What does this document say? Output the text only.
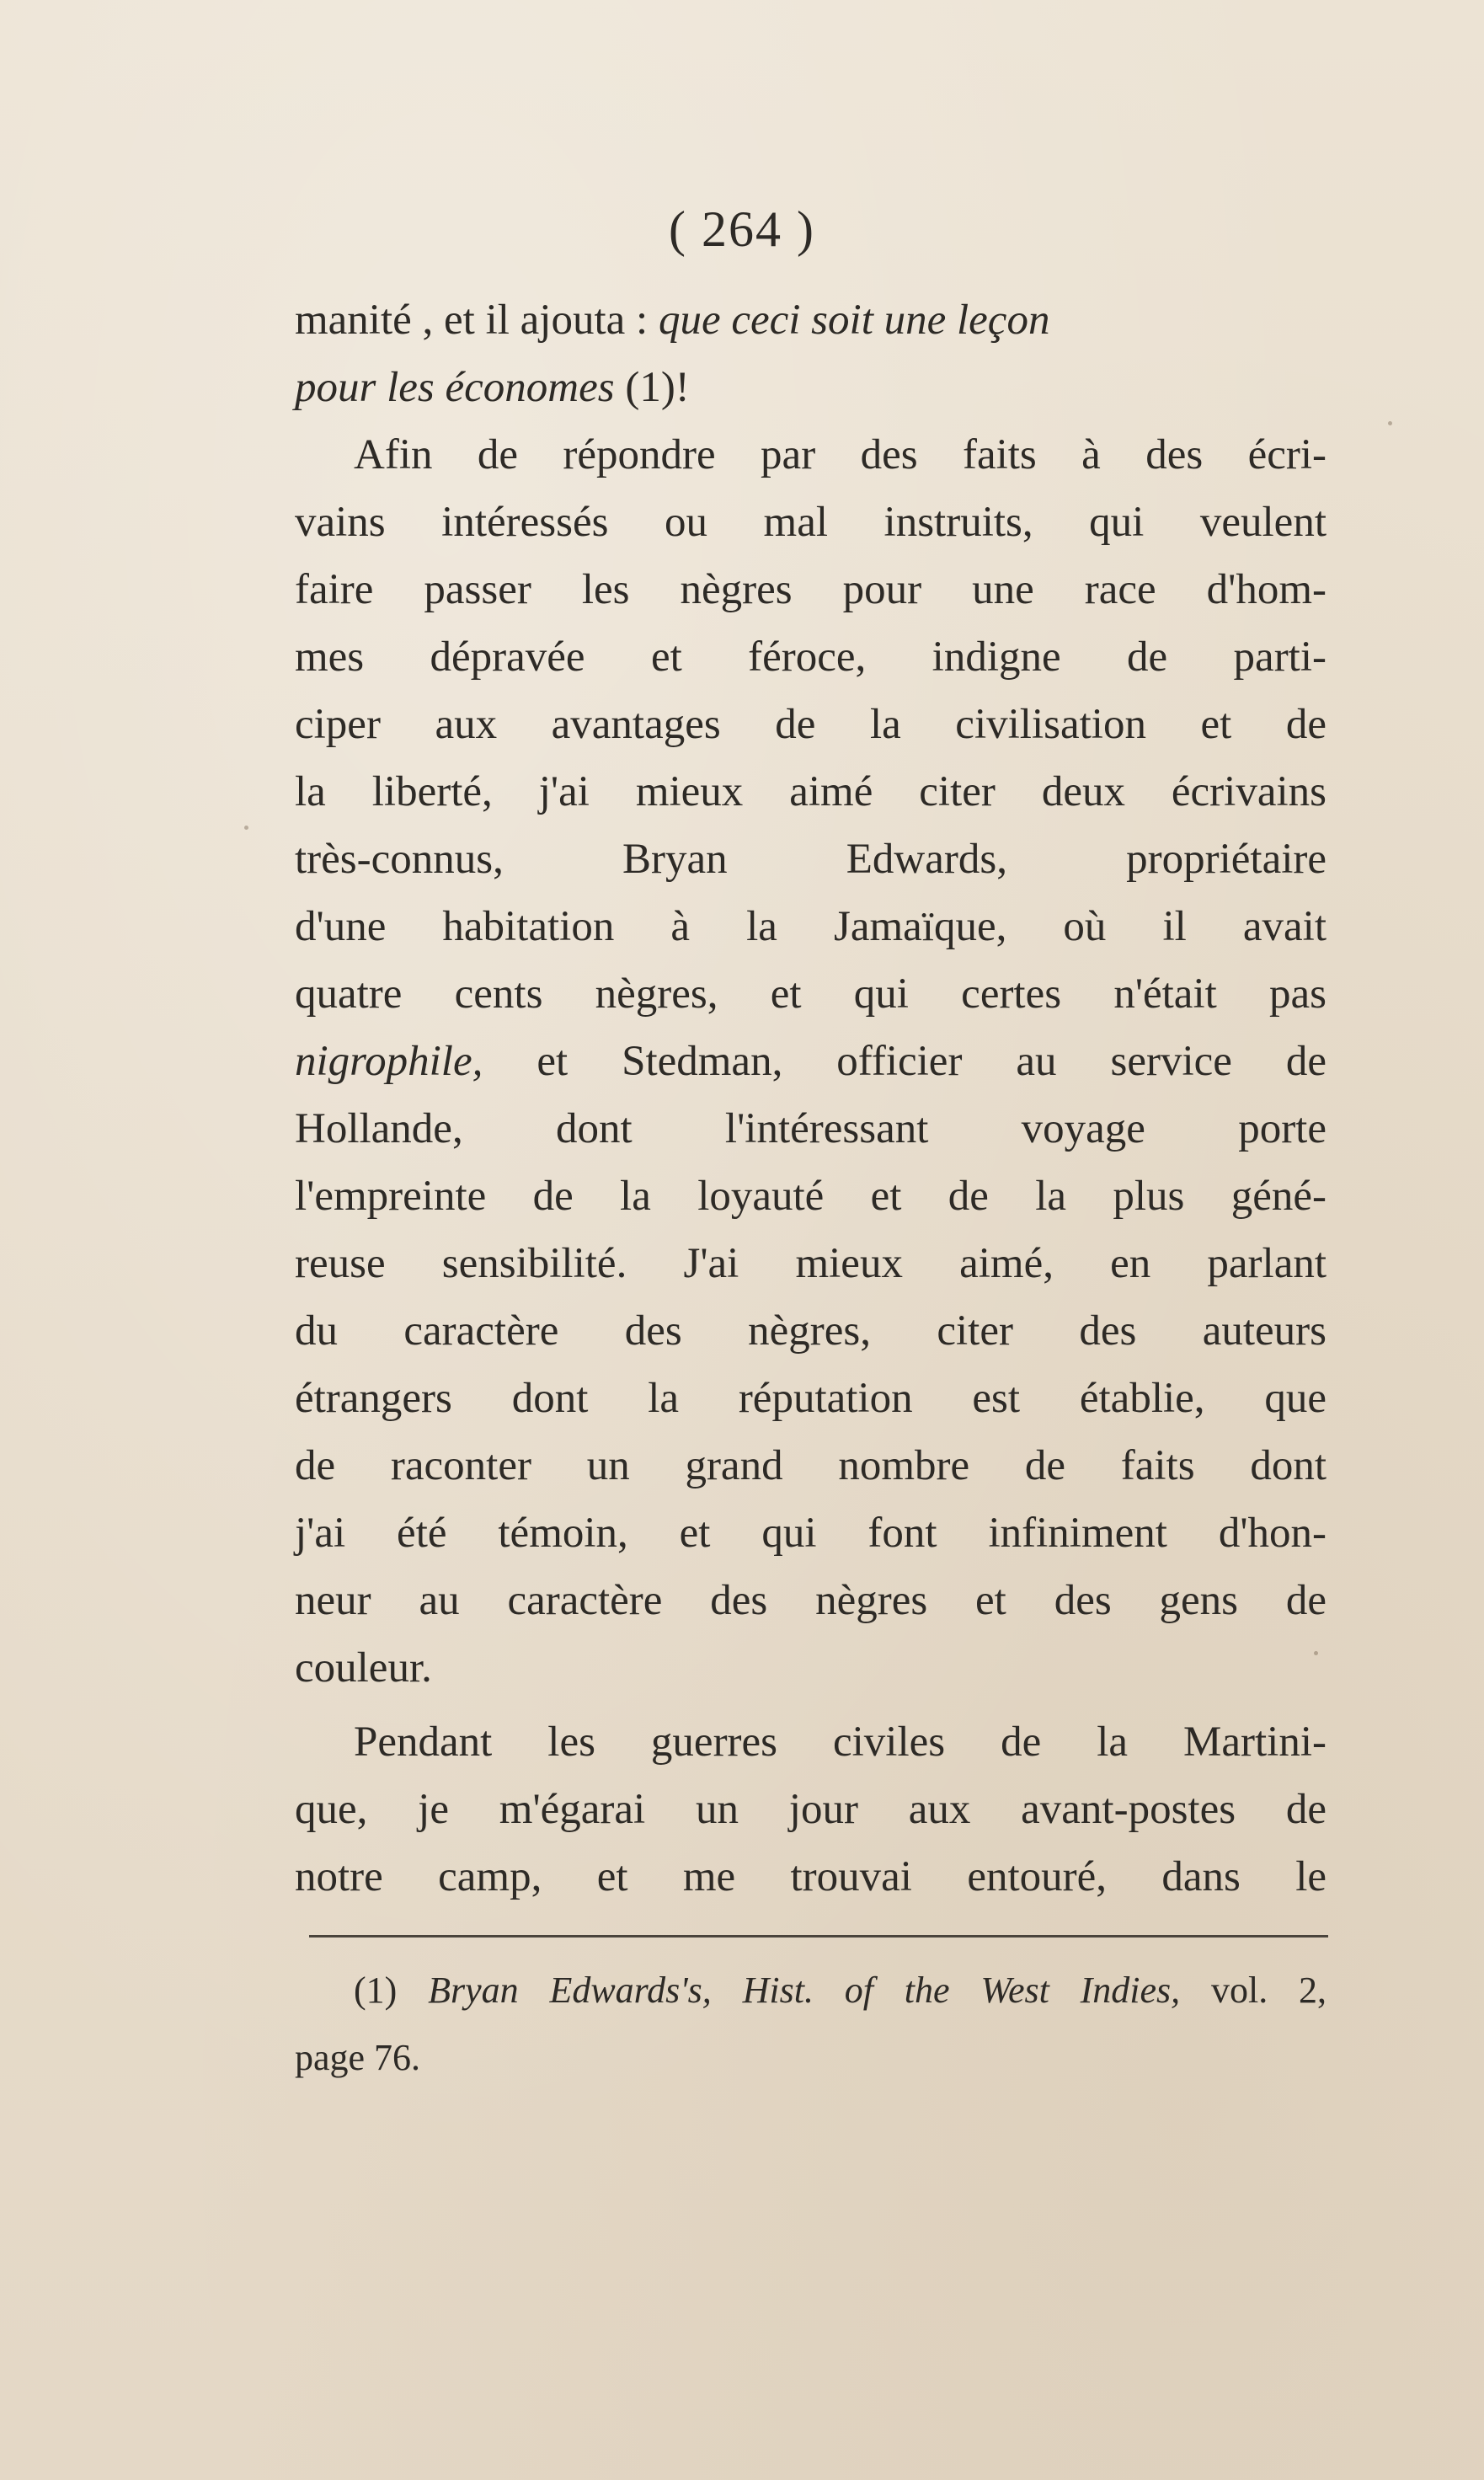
( 264 )
manité , et il ajouta : que ceci soit une leçon
pour les économes (1)!
Afin de répondre par des faits à des écri-
vains intéressés ou mal instruits, qui veulent
faire passer les nègres pour une race d'hom-
mes dépravée et féroce, indigne de parti-
ciper aux avantages de la civilisation et de
la liberté, j'ai mieux aimé citer deux écrivains
très-connus, Bryan Edwards, propriétaire
d'une habitation à la Jamaïque, où il avait
quatre cents nègres, et qui certes n'était pas
nigrophile, et Stedman, officier au service de
Hollande, dont l'intéressant voyage porte
l'empreinte de la loyauté et de la plus géné-
reuse sensibilité. J'ai mieux aimé, en parlant
du caractère des nègres, citer des auteurs
étrangers dont la réputation est établie, que
de raconter un grand nombre de faits dont
j'ai été témoin, et qui font infiniment d'hon-
neur au caractère des nègres et des gens de
couleur.
Pendant les guerres civiles de la Martini-
que, je m'égarai un jour aux avant-postes de
notre camp, et me trouvai entouré, dans le
(1) Bryan Edwards's, Hist. of the West Indies, vol. 2,
page 76.
